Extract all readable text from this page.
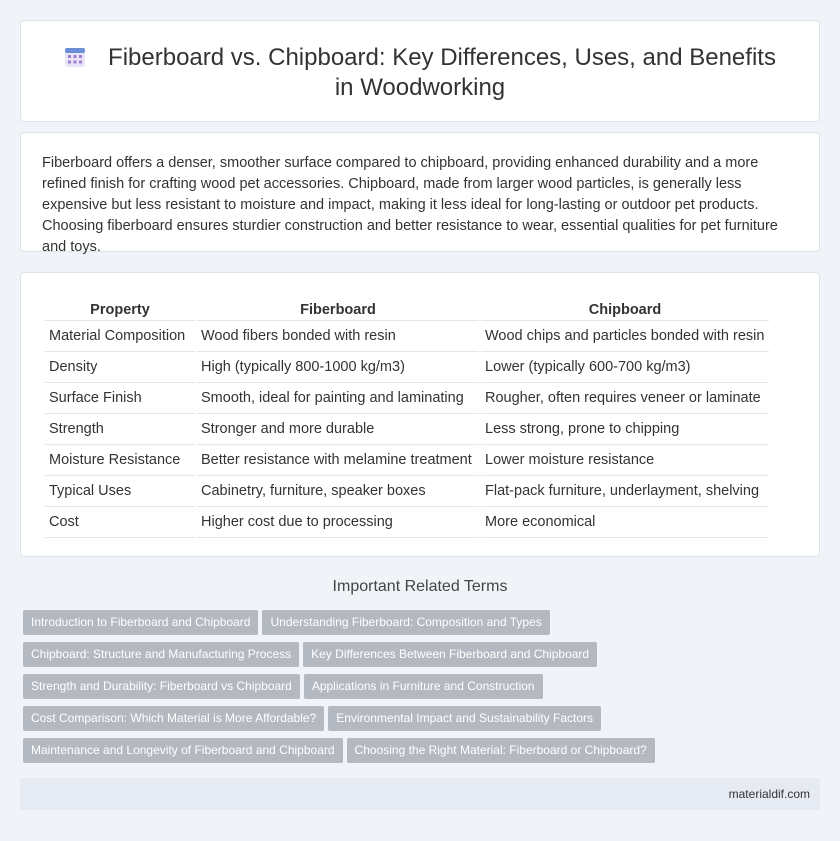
Fiberboard vs. Chipboard: Key Differences, Uses, and Benefits in Woodworking

Fiberboard offers a denser, smoother surface compared to chipboard, providing enhanced durability and a more refined finish for crafting wood pet accessories. Chipboard, made from larger wood particles, is generally less expensive but less resistant to moisture and impact, making it less ideal for long-lasting or outdoor pet products. Choosing fiberboard ensures sturdier construction and better resistance to wear, essential qualities for pet furniture and toys.

Property	Fiberboard	Chipboard
Material Composition	Wood fibers bonded with resin	Wood chips and particles bonded with resin
Density	High (typically 800-1000 kg/m3)	Lower (typically 600-700 kg/m3)
Surface Finish	Smooth, ideal for painting and laminating	Rougher, often requires veneer or laminate
Strength	Stronger and more durable	Less strong, prone to chipping
Moisture Resistance	Better resistance with melamine treatment	Lower moisture resistance
Typical Uses	Cabinetry, furniture, speaker boxes	Flat-pack furniture, underlayment, shelving
Cost	Higher cost due to processing	More economical
Important Related Terms
Introduction to Fiberboard and Chipboard Understanding Fiberboard: Composition and Types
Chipboard: Structure and Manufacturing Process Key Differences Between Fiberboard and Chipboard
Strength and Durability: Fiberboard vs Chipboard Applications in Furniture and Construction
Cost Comparison: Which Material is More Affordable? Environmental Impact and Sustainability Factors
Maintenance and Longevity of Fiberboard and Chipboard Choosing the Right Material: Fiberboard or Chipboard?
materialdif.com
